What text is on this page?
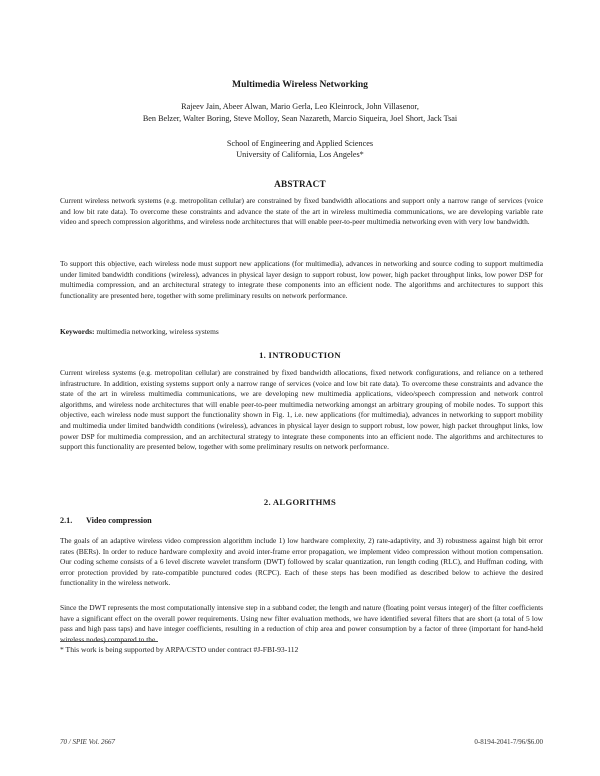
Multimedia Wireless Networking
Rajeev Jain, Abeer Alwan, Mario Gerla, Leo Kleinrock, John Villasenor,
Ben Belzer, Walter Boring, Steve Molloy, Sean Nazareth, Marcio Siqueira, Joel Short, Jack Tsai
School of Engineering and Applied Sciences
University of California, Los Angeles*
ABSTRACT

Current wireless network systems (e.g. metropolitan cellular) are constrained by fixed bandwidth allocations and support only a narrow range of services (voice and low bit rate data). To overcome these constraints and advance the state of the art in wireless multimedia communications, we are developing variable rate video and speech compression algorithms, and wireless node architectures that will enable peer-to-peer multimedia networking even with very low bandwidth.

To support this objective, each wireless node must support new applications (for multimedia), advances in networking and source coding to support multimedia under limited bandwidth conditions (wireless), advances in physical layer design to support robust, low power, high packet throughput links, low power DSP for multimedia compression, and an architectural strategy to integrate these components into an efficient node. The algorithms and architectures to support this functionality are presented here, together with some preliminary results on network performance.

Keywords: multimedia networking, wireless systems

1. INTRODUCTION

Current wireless systems (e.g. metropolitan cellular) are constrained by fixed bandwidth allocations, fixed network configurations, and reliance on a tethered infrastructure. In addition, existing systems support only a narrow range of services (voice and low bit rate data). To overcome these constraints and advance the state of the art in wireless multimedia communications, we are developing new multimedia applications, video/speech compression and network control algorithms, and wireless node architectures that will enable peer-to-peer multimedia networking amongst an arbitrary grouping of mobile nodes. To support this objective, each wireless node must support the functionality shown in Fig. 1, i.e. new applications (for multimedia), advances in networking to support mobility and multimedia under limited bandwidth conditions (wireless), advances in physical layer design to support robust, low power, high packet throughput links, low power DSP for multimedia compression, and an architectural strategy to integrate these components into an efficient node. The algorithms and architectures to support this functionality are presented below, together with some preliminary results on network performance.

2. ALGORITHMS
2.1. Video compression

The goals of an adaptive wireless video compression algorithm include 1) low hardware complexity, 2) rate-adaptivity, and 3) robustness against high bit error rates (BERs). In order to reduce hardware complexity and avoid inter-frame error propagation, we implement video compression without motion compensation. Our coding scheme consists of a 6 level discrete wavelet transform (DWT) followed by scalar quantization, run length coding (RLC), and Huffman coding, with error protection provided by rate-compatible punctured codes (RCPC). Each of these steps has been modified as described below to achieve the desired functionality in the wireless network.

Since the DWT represents the most computationally intensive step in a subband coder, the length and nature (floating point versus integer) of the filter coefficients have a significant effect on the overall power requirements. Using new filter evaluation methods, we have identified several filters that are short (a total of 5 low pass and high pass taps) and have integer coefficients, resulting in a reduction of chip area and power consumption by a factor of three (important for hand-held wireless nodes) compared to the

* This work is being supported by ARPA/CSTO under contract #J-FBI-93-112
70 / SPIE Vol. 2667	0-8194-2041-7/96/$6.00
